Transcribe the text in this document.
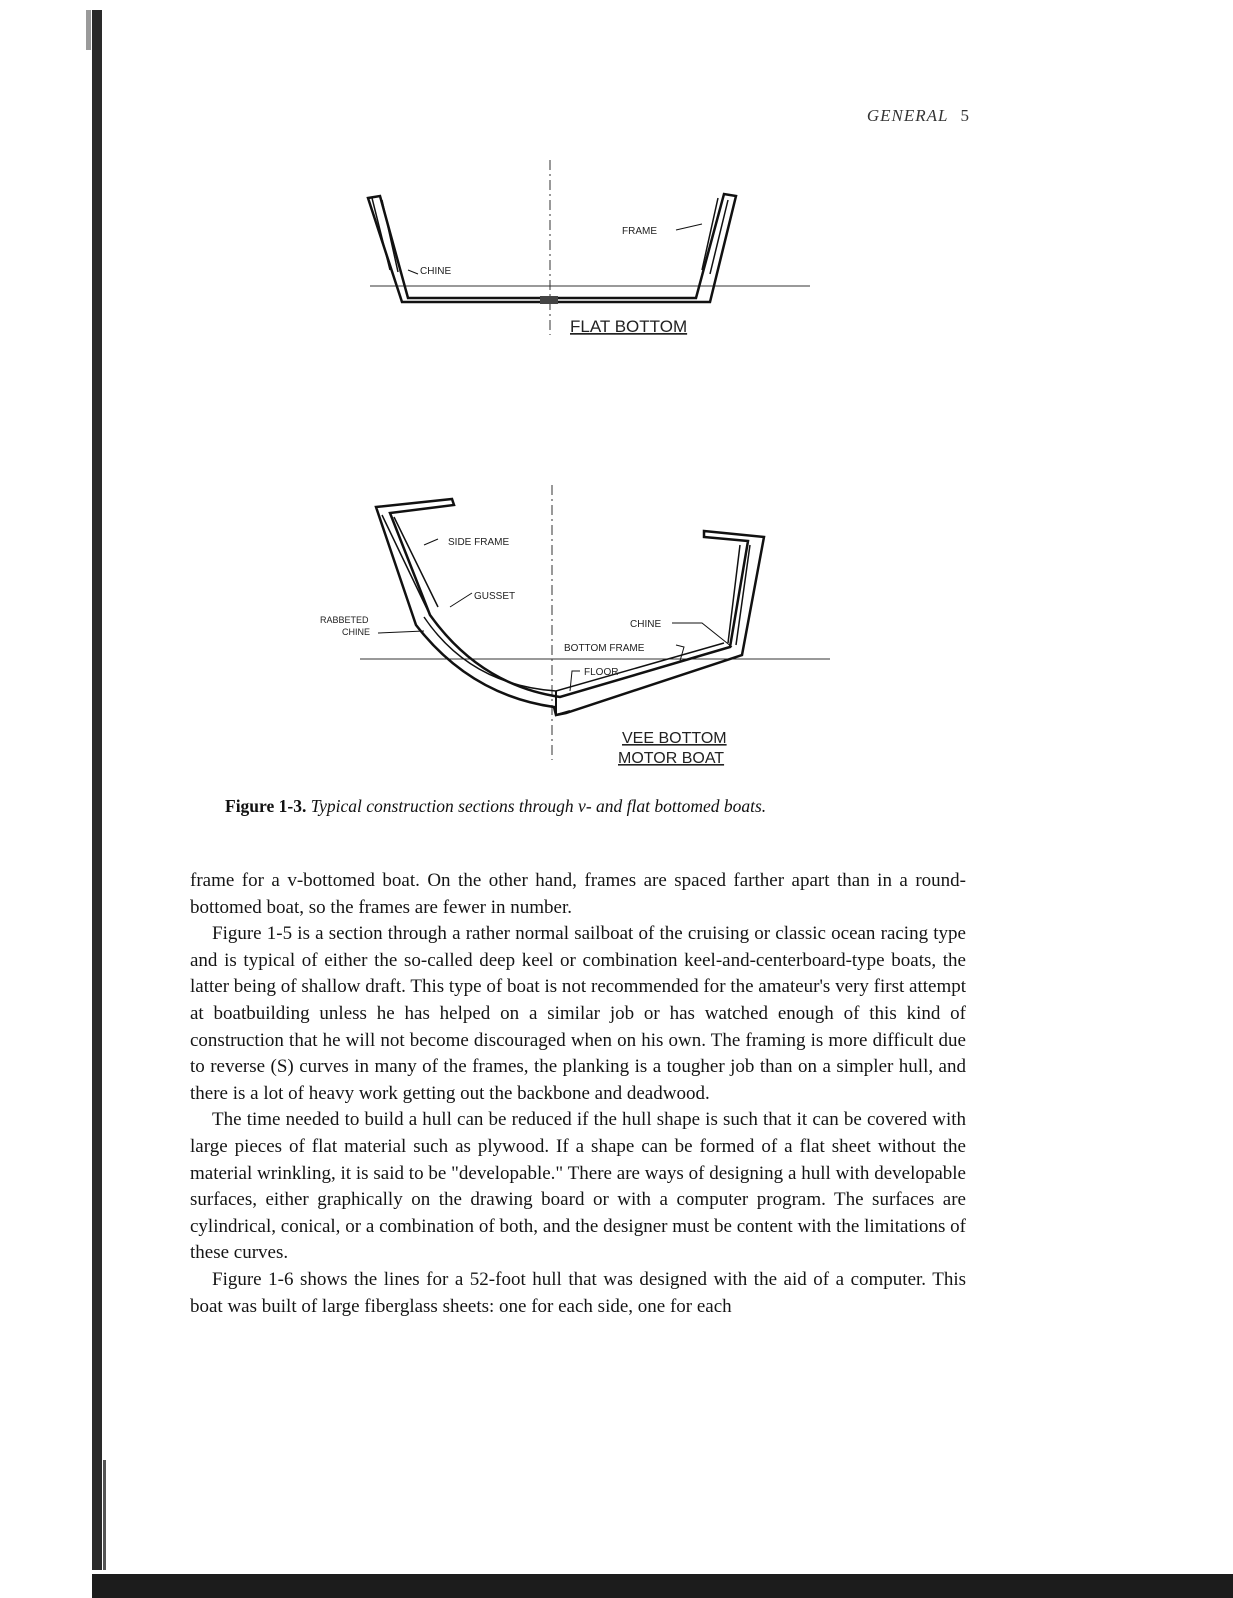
GENERAL 5
CHINE
FRAME
FLAT BOTTOM
SIDE FRAME
GUSSET
RABBETED
CHINE
CHINE
BOTTOM FRAME
FLOOR
VEE BOTTOM
MOTOR BOAT
Figure 1-3. Typical construction sections through v- and flat bottomed boats.

frame for a v-bottomed boat. On the other hand, frames are spaced farther apart than in a round-bottomed boat, so the frames are fewer in number.

Figure 1-5 is a section through a rather normal sailboat of the cruising or classic ocean racing type and is typical of either the so-called deep keel or combination keel-and-centerboard-type boats, the latter being of shallow draft. This type of boat is not recommended for the amateur's very first attempt at boatbuilding unless he has helped on a similar job or has watched enough of this kind of construction that he will not become discouraged when on his own. The framing is more difficult due to reverse (S) curves in many of the frames, the planking is a tougher job than on a simpler hull, and there is a lot of heavy work getting out the backbone and deadwood.

The time needed to build a hull can be reduced if the hull shape is such that it can be covered with large pieces of flat material such as plywood. If a shape can be formed of a flat sheet without the material wrinkling, it is said to be "developable." There are ways of designing a hull with developable surfaces, either graphically on the drawing board or with a computer program. The surfaces are cylindrical, conical, or a combination of both, and the designer must be content with the limitations of these curves.

Figure 1-6 shows the lines for a 52-foot hull that was designed with the aid of a computer. This boat was built of large fiberglass sheets: one for each side, one for each
